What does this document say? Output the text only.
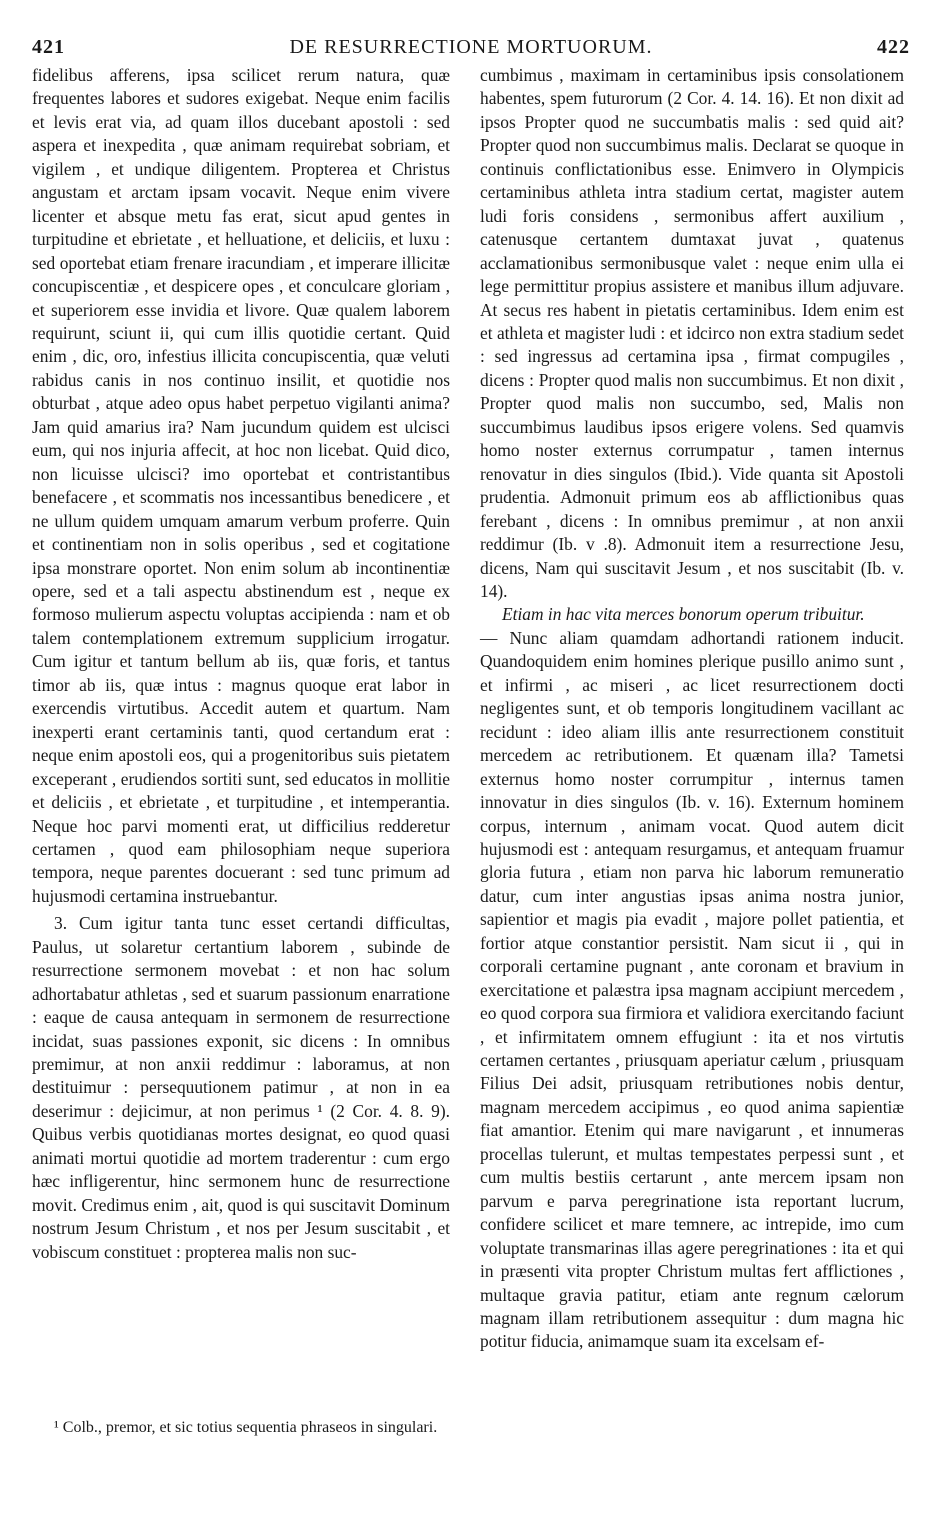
421	DE RESURRECTIONE MORTUORUM.	422

fidelibus afferens, ipsa scilicet rerum natura, quæ frequentes labores et sudores exigebat. Neque enim facilis et levis erat via, ad quam illos ducebant apostoli : sed aspera et inexpedita , quæ animam requirebat sobriam, et vigilem , et undique diligentem. Propterea et Christus angustam et arctam ipsam vocavit. Neque enim vivere licenter et absque metu fas erat, sicut apud gentes in turpitudine et ebrietate , et helluatione, et deliciis, et luxu : sed oportebat etiam frenare iracundiam , et imperare illicitæ concupiscentiæ , et despicere opes , et conculcare gloriam , et superiorem esse invidia et livore. Quæ qualem laborem requirunt, sciunt ii, qui cum illis quotidie certant. Quid enim , dic, oro, infestius illicita concupiscentia, quæ veluti rabidus canis in nos continuo insilit, et quotidie nos obturbat , atque adeo opus habet perpetuo vigilanti anima? Jam quid amarius ira? Nam jucundum quidem est ulcisci eum, qui nos injuria affecit, at hoc non licebat. Quid dico, non licuisse ulcisci? imo oportebat et contristantibus benefacere , et scommatis nos incessantibus benedicere , et ne ullum quidem umquam amarum verbum proferre. Quin et continentiam non in solis operibus , sed et cogitatione ipsa monstrare oportet. Non enim solum ab incontinentiæ opere, sed et a tali aspectu abstinendum est , neque ex formoso mulierum aspectu voluptas accipienda : nam et ob talem contemplationem extremum supplicium irrogatur. Cum igitur et tantum bellum ab iis, quæ foris, et tantus timor ab iis, quæ intus : magnus quoque erat labor in exercendis virtutibus. Accedit autem et quartum. Nam inexperti erant certaminis tanti, quod certandum erat : neque enim apostoli eos, qui a progenitoribus suis pietatem exceperant , erudiendos sortiti sunt, sed educatos in mollitie et deliciis , et ebrietate , et turpitudine , et intemperantia. Neque hoc parvi momenti erat, ut difficilius redderetur certamen , quod eam philosophiam neque superiora tempora, neque parentes docuerant : sed tunc primum ad hujusmodi certamina instruebantur.

3. Cum igitur tanta tunc esset certandi difficultas, Paulus, ut solaretur certantium laborem , subinde de resurrectione sermonem movebat : et non hac solum adhortabatur athletas , sed et suarum passionum enarratione : eaque de causa antequam in sermonem de resurrectione incidat, suas passiones exponit, sic dicens : In omnibus premimur, at non anxii reddimur : laboramus, at non destituimur : persequutionem patimur , at non in ea deserimur : dejicimur, at non perimus ¹ (2 Cor. 4. 8. 9). Quibus verbis quotidianas mortes designat, eo quod quasi animati mortui quotidie ad mortem traderentur : cum ergo hæc infligerentur, hinc sermonem hunc de resurrectione movit. Credimus enim , ait, quod is qui suscitavit Dominum nostrum Jesum Christum , et nos per Jesum suscitabit , et vobiscum constituet : propterea malis non suc-

cumbimus , maximam in certaminibus ipsis consolationem habentes, spem futurorum (2 Cor. 4. 14. 16). Et non dixit ad ipsos Propter quod ne succumbatis malis : sed quid ait? Propter quod non succumbimus malis. Declarat se quoque in continuis conflictationibus esse. Enimvero in Olympicis certaminibus athleta intra stadium certat, magister autem ludi foris considens , sermonibus affert auxilium , catenusque certantem dumtaxat juvat , quatenus acclamationibus sermonibusque valet : neque enim ulla ei lege permittitur propius assistere et manibus illum adjuvare. At secus res habent in pietatis certaminibus. Idem enim est et athleta et magister ludi : et idcirco non extra stadium sedet : sed ingressus ad certamina ipsa , firmat compugiles , dicens : Propter quod malis non succumbimus. Et non dixit , Propter quod malis non succumbo, sed, Malis non succumbimus laudibus ipsos erigere volens. Sed quamvis homo noster externus corrumpatur , tamen internus renovatur in dies singulos (Ibid.). Vide quanta sit Apostoli prudentia. Admonuit primum eos ab afflictionibus quas ferebant , dicens : In omnibus premimur , at non anxii reddimur (Ib. v .8). Admonuit item a resurrectione Jesu, dicens, Nam qui suscitavit Jesum , et nos suscitabit (Ib. v. 14).

Etiam in hac vita merces bonorum operum tribuitur.

— Nunc aliam quamdam adhortandi rationem inducit. Quandoquidem enim homines plerique pusillo animo sunt , et infirmi , ac miseri , ac licet resurrectionem docti negligentes sunt, et ob temporis longitudinem vacillant ac recidunt : ideo aliam illis ante resurrectionem constituit mercedem ac retributionem. Et quænam illa? Tametsi externus homo noster corrumpitur , internus tamen innovatur in dies singulos (Ib. v. 16). Externum hominem corpus, internum , animam vocat. Quod autem dicit hujusmodi est : antequam resurgamus, et antequam fruamur gloria futura , etiam non parva hic laborum remuneratio datur, cum inter angustias ipsas anima nostra junior, sapientior et magis pia evadit , majore pollet patientia, et fortior atque constantior persistit. Nam sicut ii , qui in corporali certamine pugnant , ante coronam et bravium in exercitatione et palæstra ipsa magnam accipiunt mercedem , eo quod corpora sua firmiora et validiora exercitando faciunt , et infirmitatem omnem effugiunt : ita et nos virtutis certamen certantes , priusquam aperiatur cælum , priusquam Filius Dei adsit, priusquam retributiones nobis dentur, magnam mercedem accipimus , eo quod anima sapientiæ fiat amantior. Etenim qui mare navigarunt , et innumeras procellas tulerunt, et multas tempestates perpessi sunt , et cum multis bestiis certarunt , ante mercem ipsam non parvum e parva peregrinatione ista reportant lucrum, confidere scilicet et mare temnere, ac intrepide, imo cum voluptate transmarinas illas agere peregrinationes : ita et qui in præsenti vita propter Christum multas fert afflictiones , multaque gravia patitur, etiam ante regnum cælorum magnam illam retributionem assequitur : dum magna hic potitur fiducia, animamque suam ita excelsam ef-

¹ Colb., premor, et sic totius sequentia phraseos in singulari.
